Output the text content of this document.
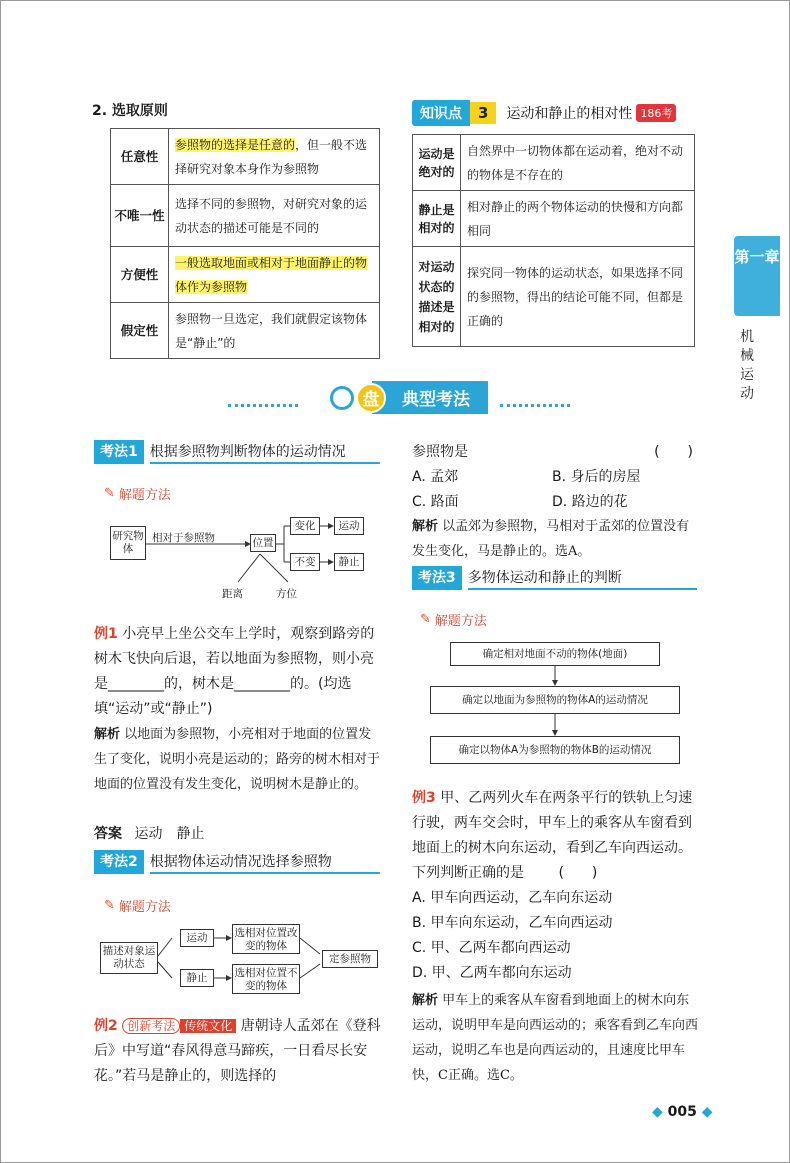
2. 选取原则
任意性	参照物的选择是任意的，但一般不选择研究对象本身作为参照物
不唯一性	选择不同的参照物，对研究对象的运动状态的描述可能是不同的
方便性	一般选取地面或相对于地面静止的物体作为参照物
假定性	参照物一旦选定，我们就假定该物体是“静止”的
知识点	3	运动和静止的相对性 186考
运动是绝对的	自然界中一切物体都在运动着，绝对不动的物体是不存在的
静止是相对的	相对静止的两个物体运动的快慢和方向都相同
对运动状态的描述是相对的	探究同一物体的运动状态，如果选择不同的参照物，得出的结论可能不同，但都是正确的
第一章
机械运动
盘	典型考法
考法1 根据参照物判断物体的运动情况
✎ 解题方法
研究物体
相对于参照物	位置
变化	运动
不变	静止
距离	方位
例1 小亮早上坐公交车上学时，观察到路旁的树木飞快向后退，若以地面为参照物，则小亮是________的，树木是________的。(均选填“运动”或“静止”)
解析 以地面为参照物，小亮相对于地面的位置发生了变化，说明小亮是运动的；路旁的树木相对于地面的位置没有发生变化，说明树木是静止的。
答案 运动　静止
考法2 根据物体运动情况选择参照物
✎ 解题方法
描述对象运动状态
运动
静止
选相对位置改变的物体
选相对位置不变的物体
定参照物
例2 创新考法 传统文化 唐朝诗人孟郊在《登科后》中写道“春风得意马蹄疾，一日看尽长安花。”若马是静止的，则选择的
参照物是	(　　)
A. 孟郊	B. 身后的房屋
C. 路面	D. 路边的花
解析 以孟郊为参照物，马相对于孟郊的位置没有发生变化，马是静止的。选A。
考法3 多物体运动和静止的判断
✎ 解题方法
确定相对地面不动的物体(地面)
确定以地面为参照物的物体A的运动情况
确定以物体A为参照物的物体B的运动情况
例3 甲、乙两列火车在两条平行的铁轨上匀速行驶，两车交会时，甲车上的乘客从车窗看到地面上的树木向东运动，看到乙车向西运动。下列判断正确的是 (　　)
A. 甲车向西运动，乙车向东运动
B. 甲车向东运动，乙车向西运动
C. 甲、乙两车都向西运动
D. 甲、乙两车都向东运动
解析 甲车上的乘客从车窗看到地面上的树木向东运动，说明甲车是向西运动的；乘客看到乙车向西运动，说明乙车也是向西运动的，且速度比甲车快，C正确。选C。
◆ 005 ◆
